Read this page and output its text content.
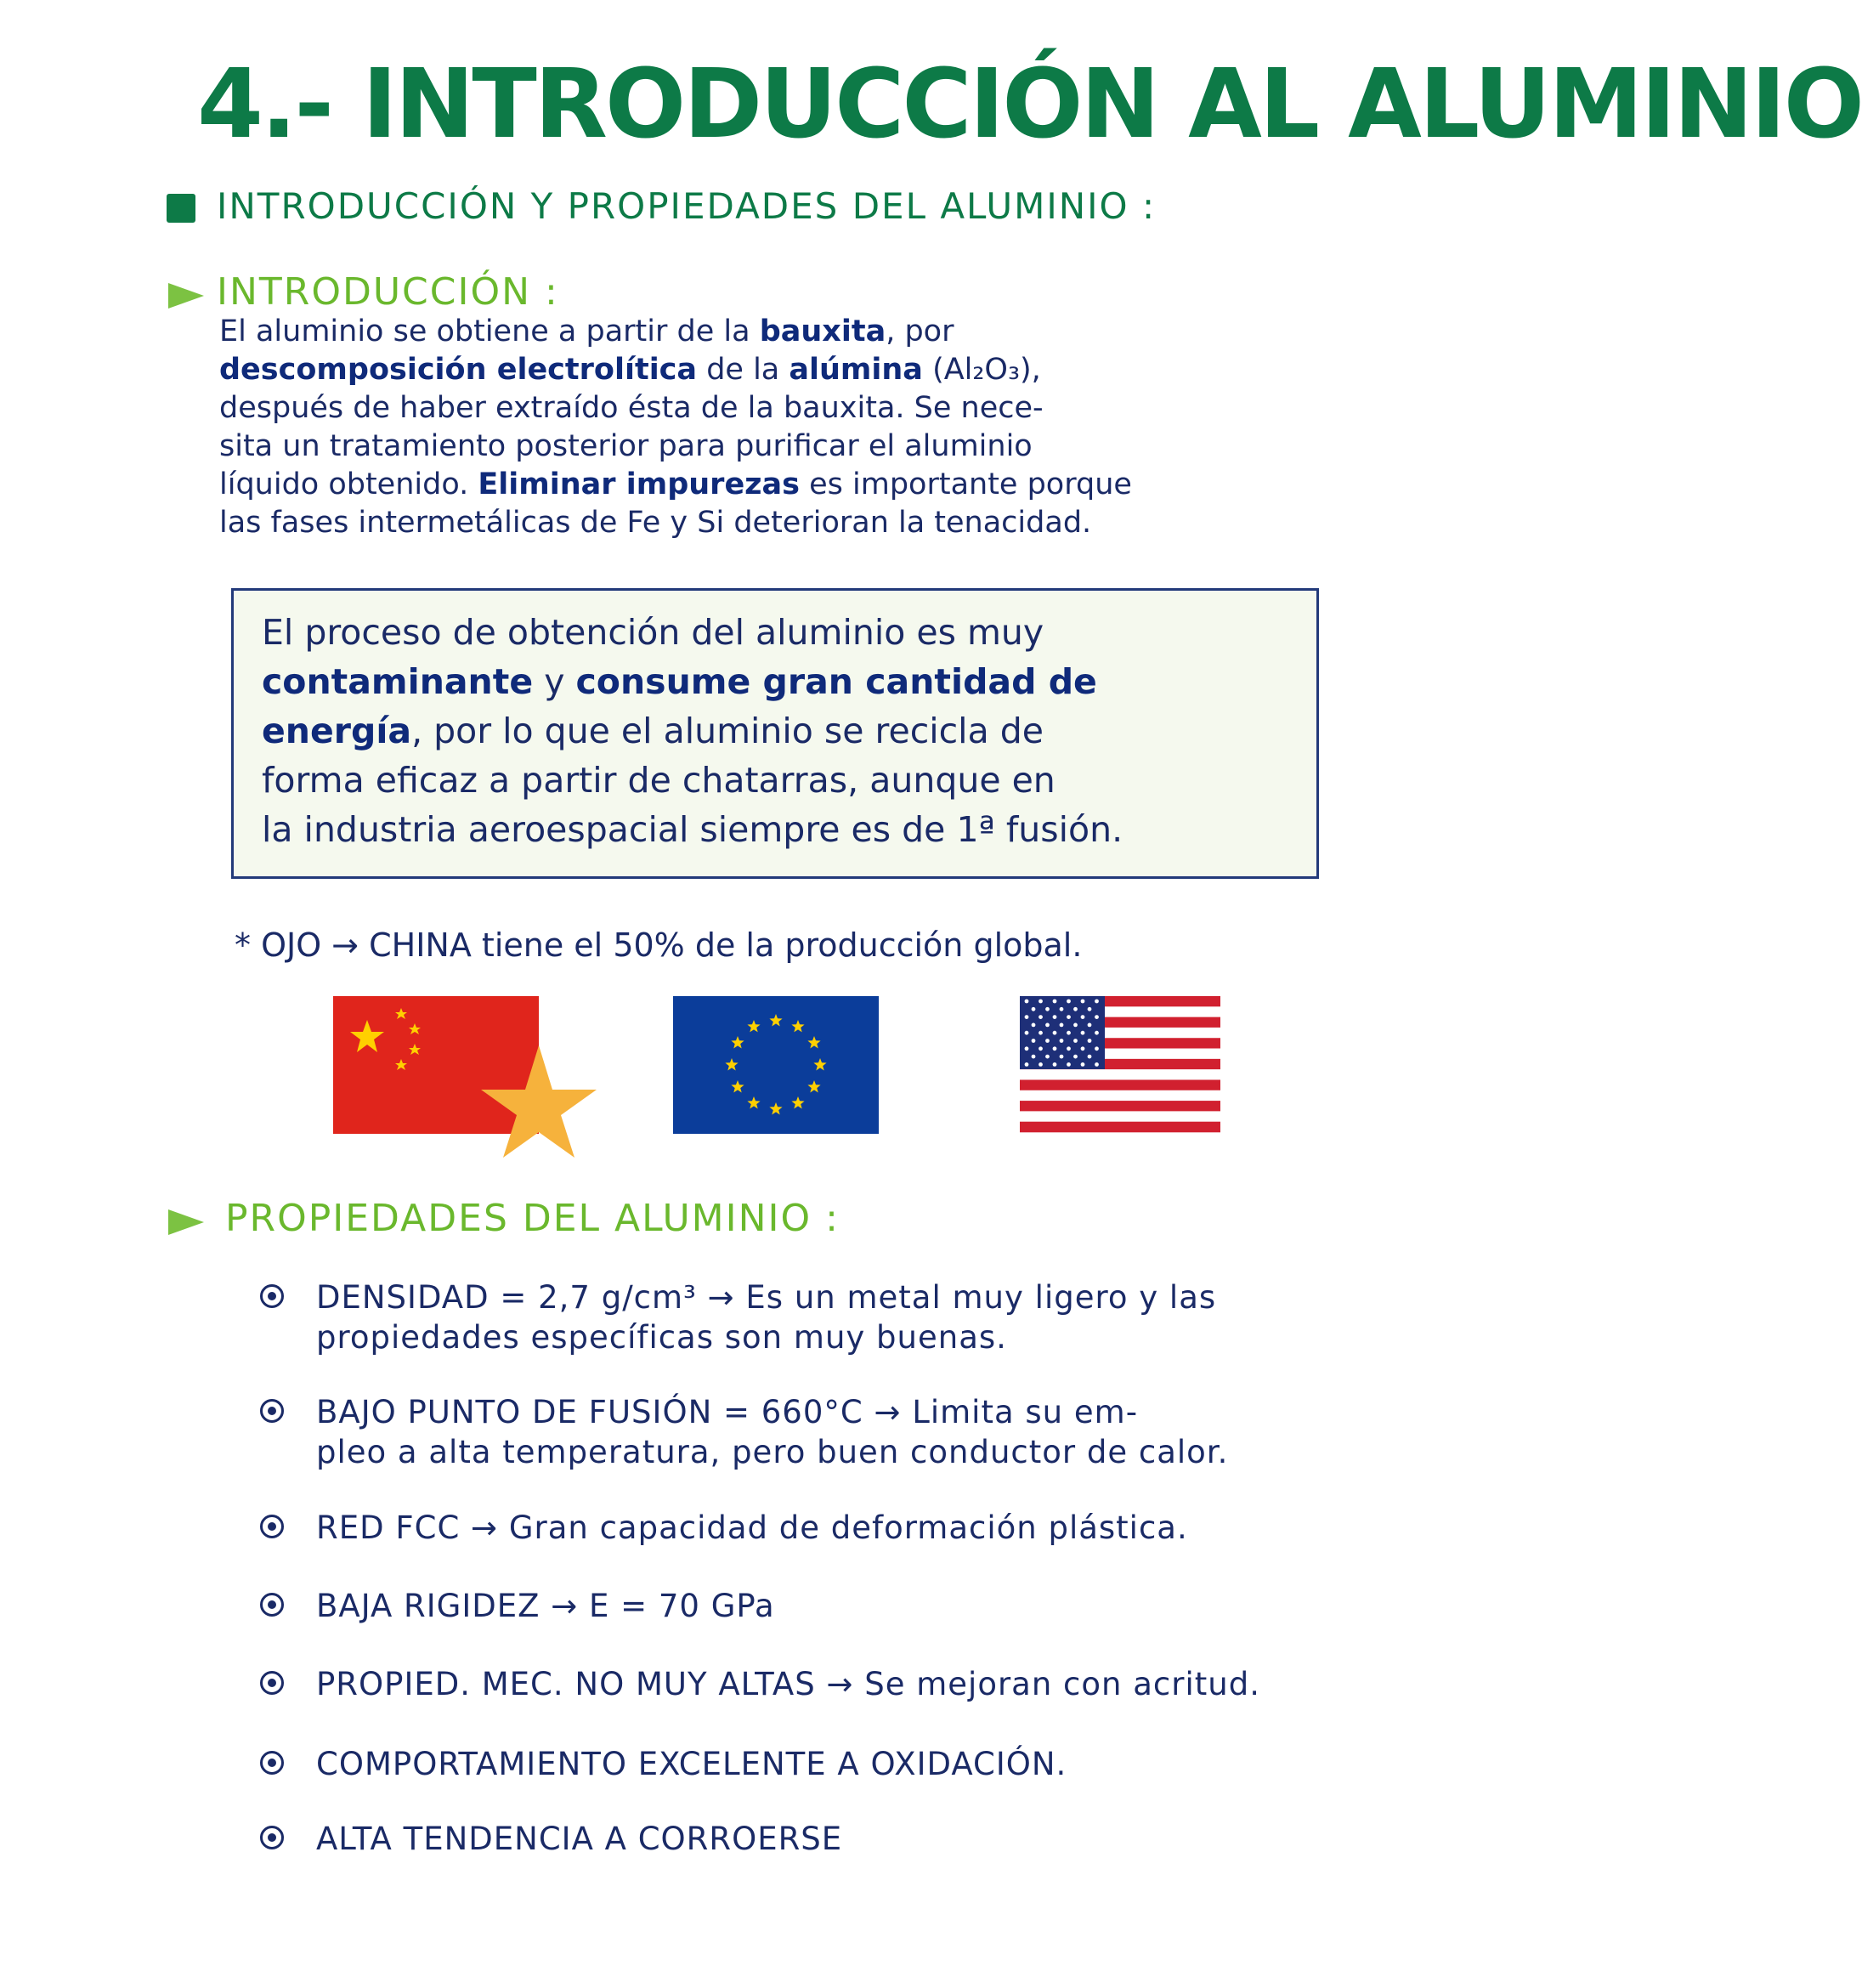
4.- INTRODUCCIÓN AL ALUMINIO
INTRODUCCIÓN Y PROPIEDADES DEL ALUMINIO :
INTRODUCCIÓN :
El aluminio se obtiene a partir de la bauxita, por
descomposición electrolítica de la alúmina (Al₂O₃),
después de haber extraído ésta de la bauxita. Se nece-
sita un tratamiento posterior para purificar el aluminio
líquido obtenido. Eliminar impurezas es importante porque
las fases intermetálicas de Fe y Si deterioran la tenacidad.
El proceso de obtención del aluminio es muy
contaminante y consume gran cantidad de
energía, por lo que el aluminio se recicla de
forma eficaz a partir de chatarras, aunque en
la industria aeroespacial siempre es de 1ª fusión.
* OJO → CHINA tiene el 50% de la producción global.
PROPIEDADES DEL ALUMINIO :
DENSIDAD = 2,7 g/cm³ → Es un metal muy ligero y las
propiedades específicas son muy buenas.
BAJO PUNTO DE FUSIÓN = 660°C → Limita su em-
pleo a alta temperatura, pero buen conductor de calor.
RED FCC → Gran capacidad de deformación plástica.
BAJA RIGIDEZ → E = 70 GPa
PROPIED. MEC. NO MUY ALTAS → Se mejoran con acritud.
COMPORTAMIENTO EXCELENTE A OXIDACIÓN.
ALTA TENDENCIA A CORROERSE
